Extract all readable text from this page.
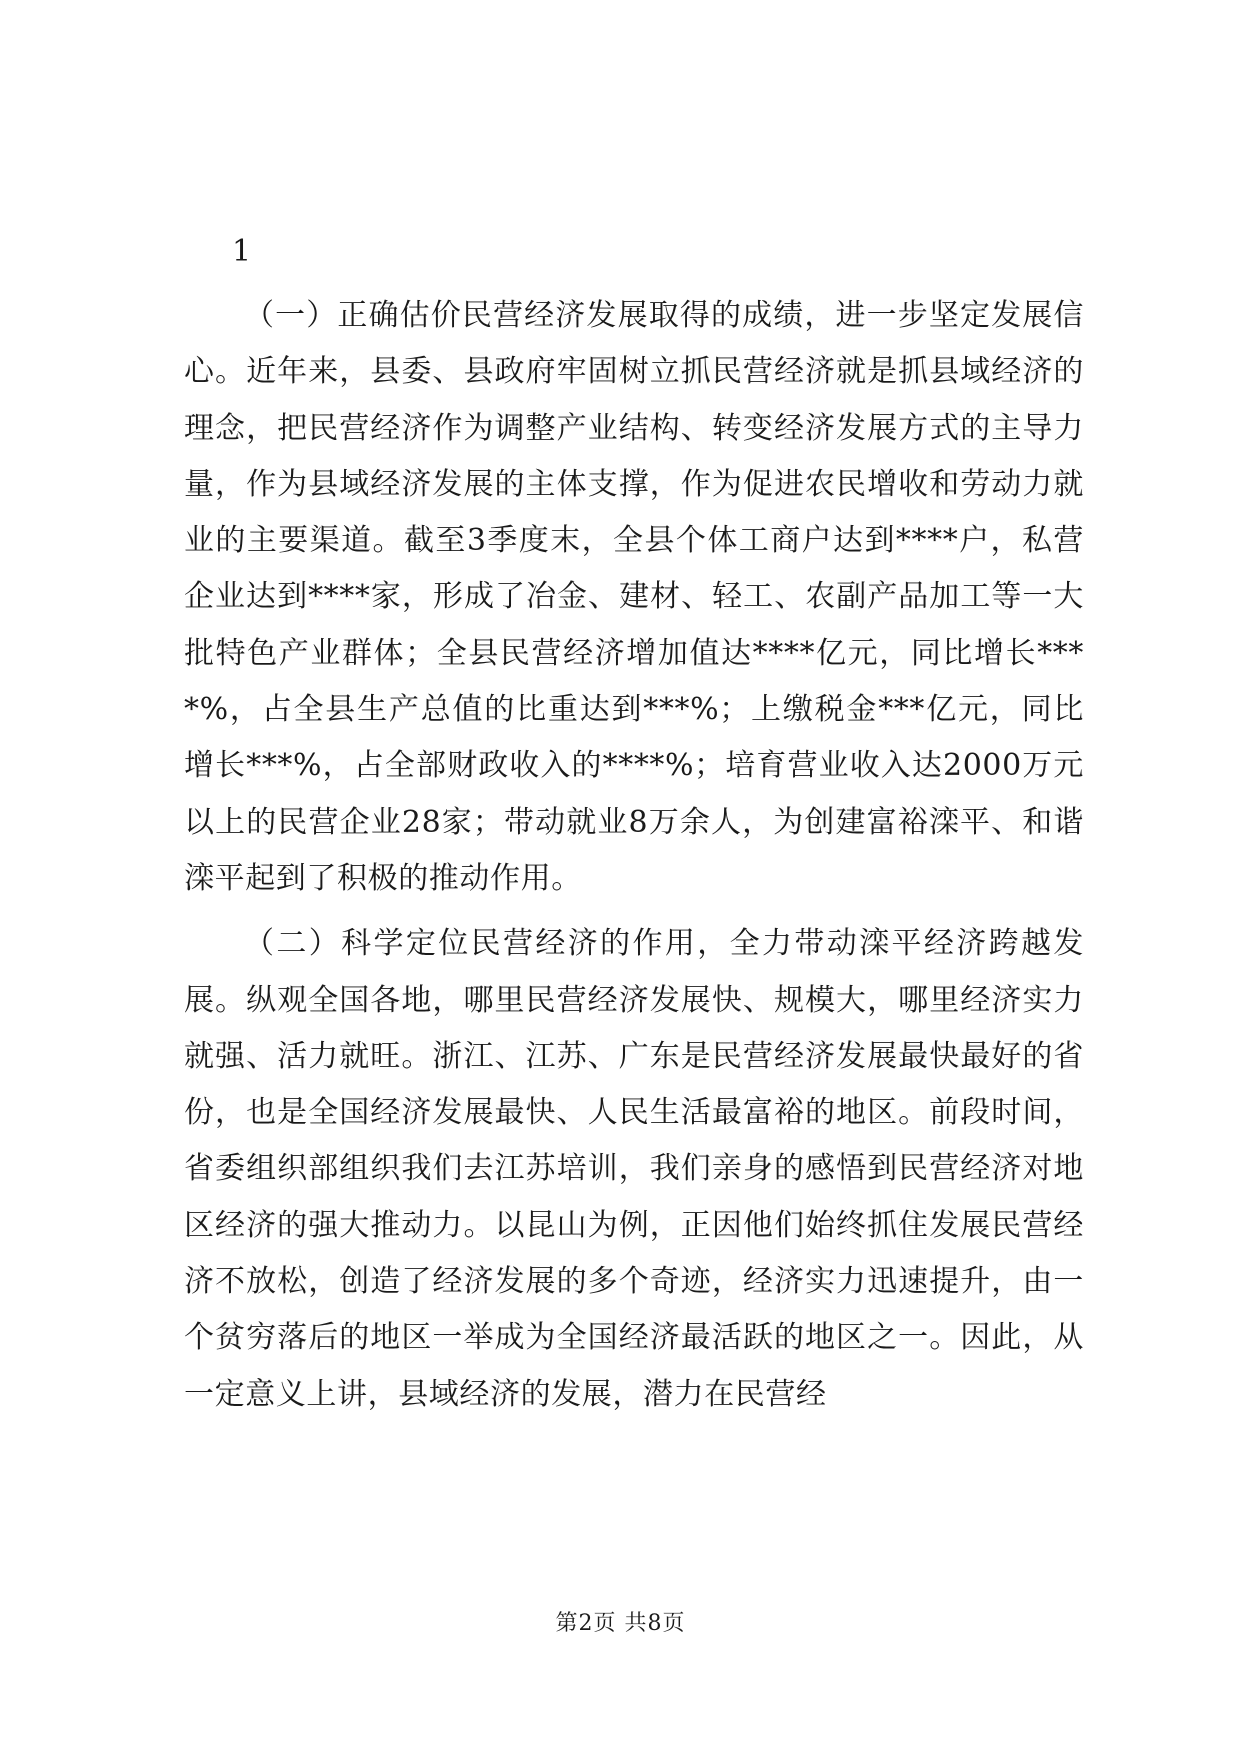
1

（一）正确估价民营经济发展取得的成绩，进一步坚定发展信心。近年来，县委、县政府牢固树立抓民营经济就是抓县域经济的理念，把民营经济作为调整产业结构、转变经济发展方式的主导力量，作为县域经济发展的主体支撑，作为促进农民增收和劳动力就业的主要渠道。截至3季度末，全县个体工商户达到****户，私营企业达到****家，形成了冶金、建材、轻工、农副产品加工等一大批特色产业群体；全县民营经济增加值达****亿元，同比增长****%，占全县生产总值的比重达到***%；上缴税金***亿元，同比增长***%，占全部财政收入的****%；培育营业收入达2000万元以上的民营企业28家；带动就业8万余人，为创建富裕滦平、和谐滦平起到了积极的推动作用。

（二）科学定位民营经济的作用，全力带动滦平经济跨越发展。纵观全国各地，哪里民营经济发展快、规模大，哪里经济实力就强、活力就旺。浙江、江苏、广东是民营经济发展最快最好的省份，也是全国经济发展最快、人民生活最富裕的地区。前段时间，省委组织部组织我们去江苏培训，我们亲身的感悟到民营经济对地区经济的强大推动力。以昆山为例，正因他们始终抓住发展民营经济不放松，创造了经济发展的多个奇迹，经济实力迅速提升，由一个贫穷落后的地区一举成为全国经济最活跃的地区之一。因此，从一定意义上讲，县域经济的发展，潜力在民营经

第2页 共8页
